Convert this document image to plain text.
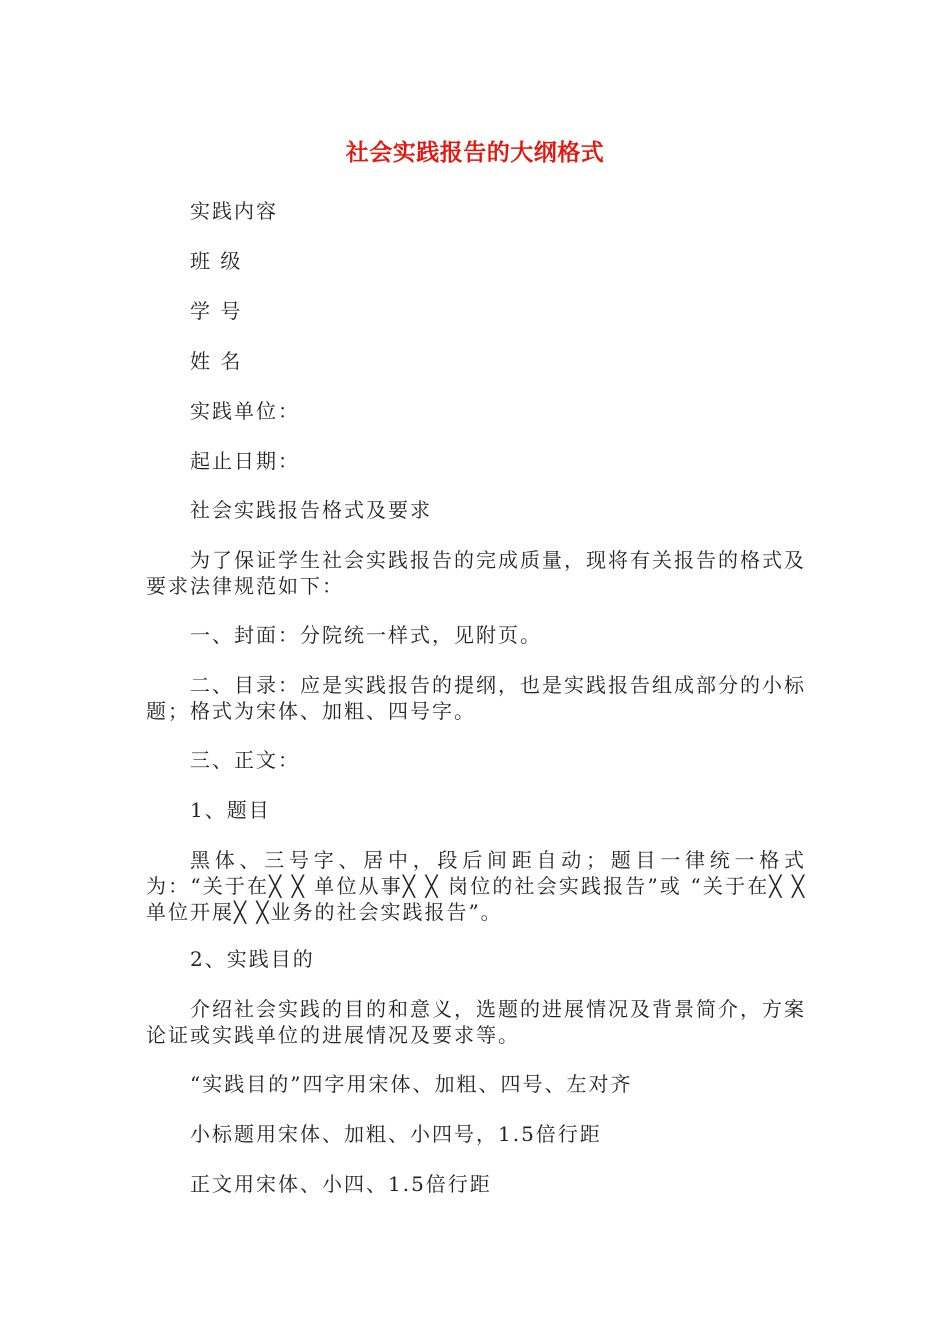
社会实践报告的大纲格式

实践内容

班 级

学 号

姓 名

实践单位：

起止日期：

社会实践报告格式及要求

为了保证学生社会实践报告的完成质量，现将有关报告的格式及要求法律规范如下：

一、封面：分院统一样式，见附页。

二、目录：应是实践报告的提纲，也是实践报告组成部分的小标题；格式为宋体、加粗、四号字。

三、正文：

1、题目

黑体、三号字、居中，段后间距自动；题目一律统一格式为：“关于在╳ ╳ 单位从事╳ ╳ 岗位的社会实践报告”或 “关于在╳ ╳ 单位开展╳ ╳业务的社会实践报告”。

2、实践目的

介绍社会实践的目的和意义，选题的进展情况及背景简介，方案论证或实践单位的进展情况及要求等。

“实践目的”四字用宋体、加粗、四号、左对齐

小标题用宋体、加粗、小四号，1.5倍行距

正文用宋体、小四、1.5倍行距
